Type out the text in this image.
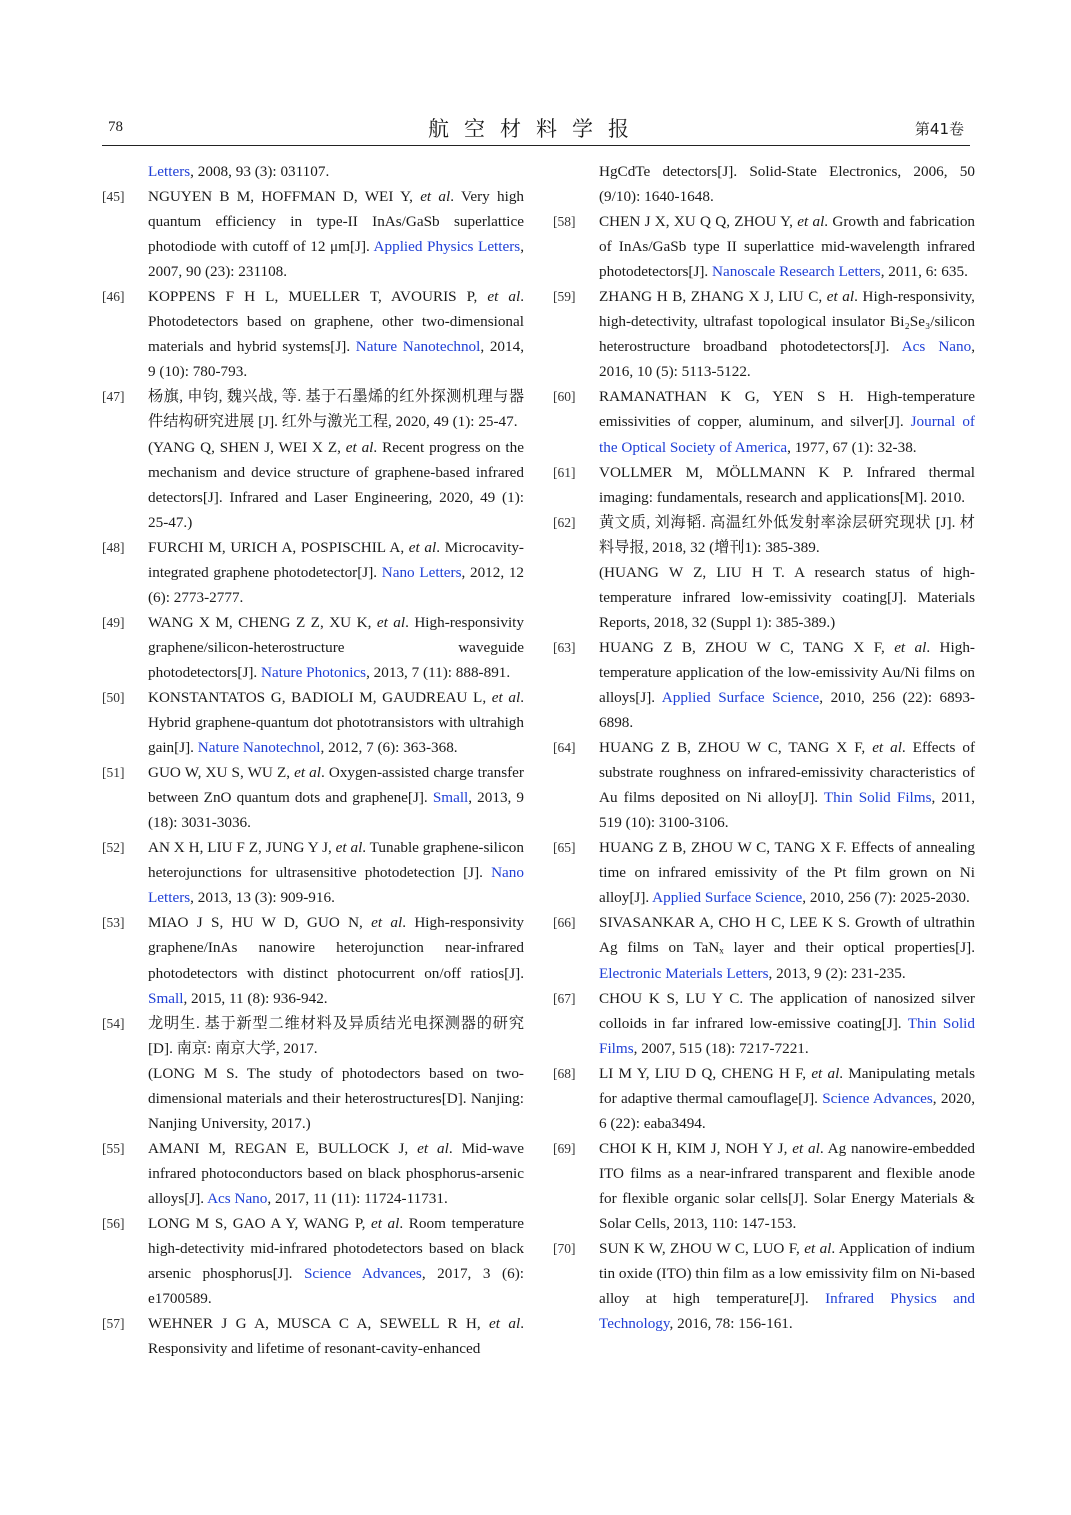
78	航空材料学报	第41卷
Letters, 2008, 93 (3): 031107.
[45] NGUYEN B M, HOFFMAN D, WEI Y, et al. Very high quantum efficiency in type-II InAs/GaSb superlattice photodiode with cutoff of 12 μm[J]. Applied Physics Letters, 2007, 90 (23): 231108.
[46] KOPPENS F H L, MUELLER T, AVOURIS P, et al. Photodetectors based on graphene, other two-dimensional materials and hybrid systems[J]. Nature Nanotechnol, 2014, 9 (10): 780-793.
[47] 杨旗, 申钧, 魏兴战, 等. 基于石墨烯的红外探测机理与器件结构研究进展 [J]. 红外与激光工程, 2020, 49 (1): 25-47.
(YANG Q, SHEN J, WEI X Z, et al. Recent progress on the mechanism and device structure of graphene-based infrared detectors[J]. Infrared and Laser Engineering, 2020, 49 (1): 25-47.)
[48] FURCHI M, URICH A, POSPISCHIL A, et al. Microcavity-integrated graphene photodetector[J]. Nano Letters, 2012, 12 (6): 2773-2777.
[49] WANG X M, CHENG Z Z, XU K, et al. High-responsivity graphene/silicon-heterostructure waveguide photodetectors[J]. Nature Photonics, 2013, 7 (11): 888-891.
[50] KONSTANTATOS G, BADIOLI M, GAUDREAU L, et al. Hybrid graphene-quantum dot phototransistors with ultrahigh gain[J]. Nature Nanotechnol, 2012, 7 (6): 363-368.
[51] GUO W, XU S, WU Z, et al. Oxygen-assisted charge transfer between ZnO quantum dots and graphene[J]. Small, 2013, 9 (18): 3031-3036.
[52] AN X H, LIU F Z, JUNG Y J, et al. Tunable graphene-silicon heterojunctions for ultrasensitive photodetection [J]. Nano Letters, 2013, 13 (3): 909-916.
[53] MIAO J S, HU W D, GUO N, et al. High-responsivity graphene/InAs nanowire heterojunction near-infrared photodetectors with distinct photocurrent on/off ratios[J]. Small, 2015, 11 (8): 936-942.
[54] 龙明生. 基于新型二维材料及异质结光电探测器的研究 [D]. 南京: 南京大学, 2017.
(LONG M S. The study of photodectors based on two-dimensional materials and their heterostructures[D]. Nanjing: Nanjing University, 2017.)
[55] AMANI M, REGAN E, BULLOCK J, et al. Mid-wave infrared photoconductors based on black phosphorus-arsenic alloys[J]. Acs Nano, 2017, 11 (11): 11724-11731.
[56] LONG M S, GAO A Y, WANG P, et al. Room temperature high-detectivity mid-infrared photodetectors based on black arsenic phosphorus[J]. Science Advances, 2017, 3 (6): e1700589.
[57] WEHNER J G A, MUSCA C A, SEWELL R H, et al. Responsivity and lifetime of resonant-cavity-enhanced
HgCdTe detectors[J]. Solid-State Electronics, 2006, 50 (9/10): 1640-1648.
[58] CHEN J X, XU Q Q, ZHOU Y, et al. Growth and fabrication of InAs/GaSb type II superlattice mid-wavelength infrared photodetectors[J]. Nanoscale Research Letters, 2011, 6: 635.
[59] ZHANG H B, ZHANG X J, LIU C, et al. High-responsivity, high-detectivity, ultrafast topological insulator Bi₂Se₃/silicon heterostructure broadband photodetectors[J]. Acs Nano, 2016, 10 (5): 5113-5122.
[60] RAMANATHAN K G, YEN S H. High-temperature emissivities of copper, aluminum, and silver[J]. Journal of the Optical Society of America, 1977, 67 (1): 32-38.
[61] VOLLMER M, MÖLLMANN K P. Infrared thermal imaging: fundamentals, research and applications[M]. 2010.
[62] 黄文质, 刘海韬. 高温红外低发射率涂层研究现状 [J]. 材料导报, 2018, 32 (增刊1): 385-389.
(HUANG W Z, LIU H T. A research status of high-temperature infrared low-emissivity coating[J]. Materials Reports, 2018, 32 (Suppl 1): 385-389.)
[63] HUANG Z B, ZHOU W C, TANG X F, et al. High-temperature application of the low-emissivity Au/Ni films on alloys[J]. Applied Surface Science, 2010, 256 (22): 6893-6898.
[64] HUANG Z B, ZHOU W C, TANG X F, et al. Effects of substrate roughness on infrared-emissivity characteristics of Au films deposited on Ni alloy[J]. Thin Solid Films, 2011, 519 (10): 3100-3106.
[65] HUANG Z B, ZHOU W C, TANG X F. Effects of annealing time on infrared emissivity of the Pt film grown on Ni alloy[J]. Applied Surface Science, 2010, 256 (7): 2025-2030.
[66] SIVASANKAR A, CHO H C, LEE K S. Growth of ultrathin Ag films on TaNₓ layer and their optical properties[J]. Electronic Materials Letters, 2013, 9 (2): 231-235.
[67] CHOU K S, LU Y C. The application of nanosized silver colloids in far infrared low-emissive coating[J]. Thin Solid Films, 2007, 515 (18): 7217-7221.
[68] LI M Y, LIU D Q, CHENG H F, et al. Manipulating metals for adaptive thermal camouflage[J]. Science Advances, 2020, 6 (22): eaba3494.
[69] CHOI K H, KIM J, NOH Y J, et al. Ag nanowire-embedded ITO films as a near-infrared transparent and flexible anode for flexible organic solar cells[J]. Solar Energy Materials & Solar Cells, 2013, 110: 147-153.
[70] SUN K W, ZHOU W C, LUO F, et al. Application of indium tin oxide (ITO) thin film as a low emissivity film on Ni-based alloy at high temperature[J]. Infrared Physics and Technology, 2016, 78: 156-161.
